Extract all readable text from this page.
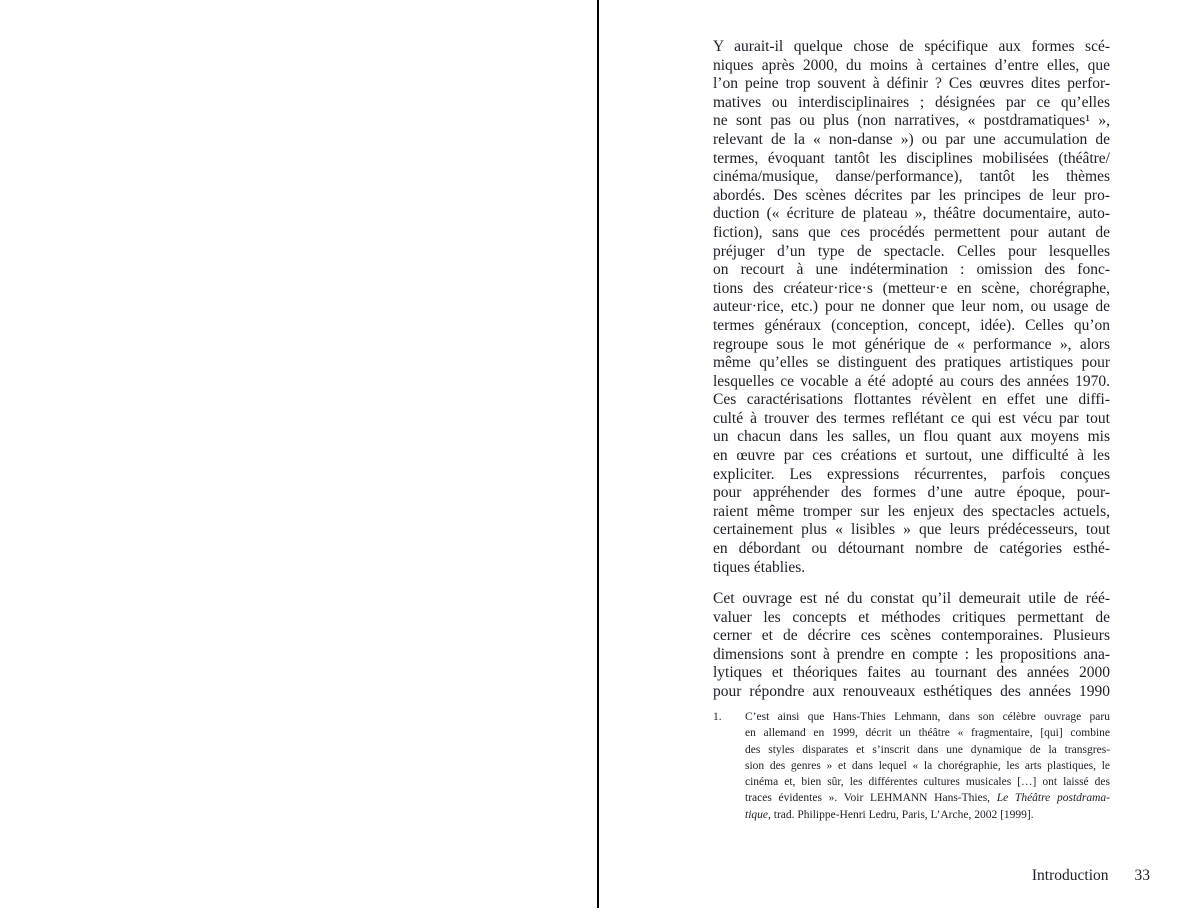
Y aurait-il quelque chose de spécifique aux formes scé-
niques après 2000, du moins à certaines d’entre elles, que
l’on peine trop souvent à définir ? Ces œuvres dites perfor-
matives ou interdisciplinaires ; désignées par ce qu’elles
ne sont pas ou plus (non narratives, « postdramatiques¹ »,
relevant de la « non-danse ») ou par une accumulation de
termes, évoquant tantôt les disciplines mobilisées (théâtre/
cinéma/musique, danse/performance), tantôt les thèmes
abordés. Des scènes décrites par les principes de leur pro-
duction (« écriture de plateau », théâtre documentaire, auto-
fiction), sans que ces procédés permettent pour autant de
préjuger d’un type de spectacle. Celles pour lesquelles
on recourt à une indétermination : omission des fonc-
tions des créateur·rice·s (metteur·e en scène, chorégraphe,
auteur·rice, etc.) pour ne donner que leur nom, ou usage de
termes généraux (conception, concept, idée). Celles qu’on
regroupe sous le mot générique de « performance », alors
même qu’elles se distinguent des pratiques artistiques pour
lesquelles ce vocable a été adopté au cours des années 1970.
Ces caractérisations flottantes révèlent en effet une diffi-
culté à trouver des termes reflétant ce qui est vécu par tout
un chacun dans les salles, un flou quant aux moyens mis
en œuvre par ces créations et surtout, une difficulté à les
expliciter. Les expressions récurrentes, parfois conçues
pour appréhender des formes d’une autre époque, pour-
raient même tromper sur les enjeux des spectacles actuels,
certainement plus « lisibles » que leurs prédécesseurs, tout
en débordant ou détournant nombre de catégories esthé-
tiques établies.
Cet ouvrage est né du constat qu’il demeurait utile de réé-
valuer les concepts et méthodes critiques permettant de
cerner et de décrire ces scènes contemporaines. Plusieurs
dimensions sont à prendre en compte : les propositions ana-
lytiques et théoriques faites au tournant des années 2000
pour répondre aux renouveaux esthétiques des années 1990
1. C’est ainsi que Hans-Thies Lehmann, dans son célèbre ouvrage paru
en allemand en 1999, décrit un théâtre « fragmentaire, [qui] combine
des styles disparates et s’inscrit dans une dynamique de la transgres-
sion des genres » et dans lequel « la chorégraphie, les arts plastiques, le
cinéma et, bien sûr, les différentes cultures musicales […] ont laissé des
traces évidentes ». Voir LEHMANN Hans-Thies, Le Théâtre postdrama-
tique, trad. Philippe-Henri Ledru, Paris, L’Arche, 2002 [1999].
Introduction 33
